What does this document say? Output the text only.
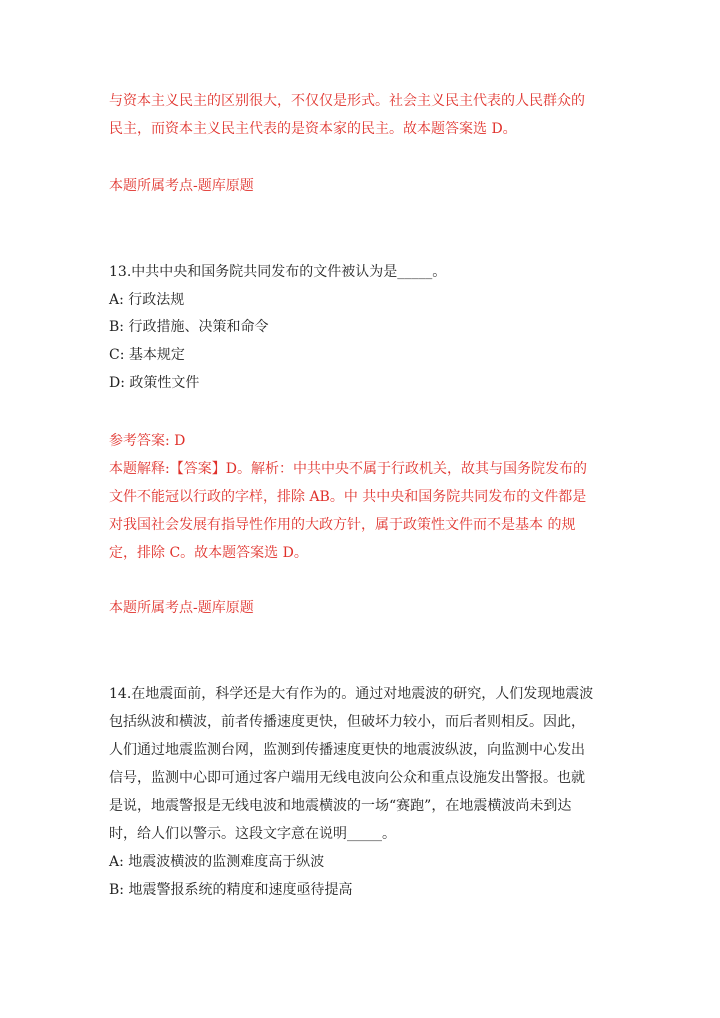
与资本主义民主的区别很大，不仅仅是形式。社会主义民主代表的人民群众的
民主，而资本主义民主代表的是资本家的民主。故本题答案选 D。
本题所属考点-题库原题
13.中共中央和国务院共同发布的文件被认为是_____。
A: 行政法规
B: 行政措施、决策和命令
C: 基本规定
D: 政策性文件
参考答案: D
本题解释:【答案】D。解析：中共中央不属于行政机关，故其与国务院发布的
文件不能冠以行政的字样，排除 AB。中 共中央和国务院共同发布的文件都是
对我国社会发展有指导性作用的大政方针，属于政策性文件而不是基本 的规
定，排除 C。故本题答案选 D。
本题所属考点-题库原题
14.在地震面前，科学还是大有作为的。通过对地震波的研究，人们发现地震波
包括纵波和横波，前者传播速度更快，但破坏力较小，而后者则相反。因此，
人们通过地震监测台网，监测到传播速度更快的地震波纵波，向监测中心发出
信号，监测中心即可通过客户端用无线电波向公众和重点设施发出警报。也就
是说，地震警报是无线电波和地震横波的一场“赛跑”，在地震横波尚未到达
时，给人们以警示。这段文字意在说明_____。
A: 地震波横波的监测难度高于纵波
B: 地震警报系统的精度和速度亟待提高
